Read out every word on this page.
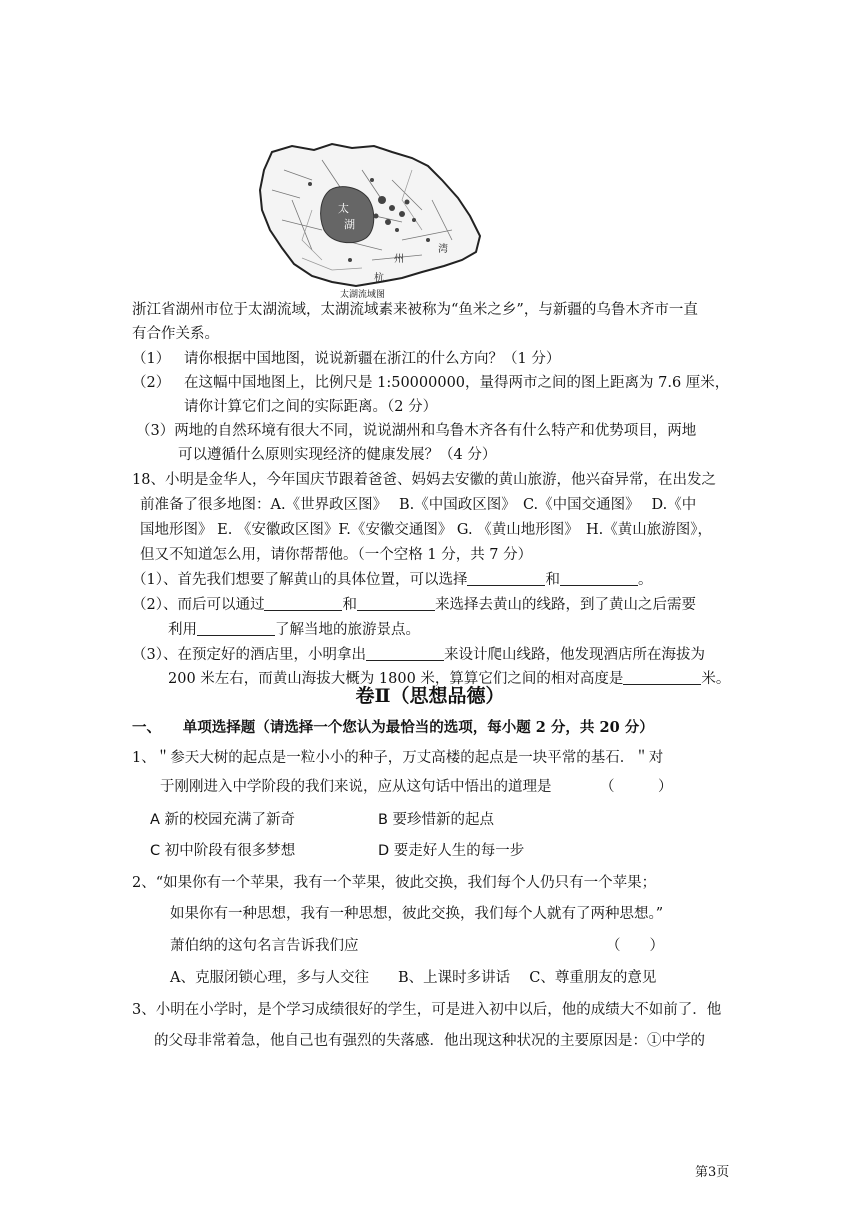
太
湖
杭
州
湾
太湖流域图
浙江省湖州市位于太湖流域，太湖流域素来被称为“鱼米之乡”，与新疆的乌鲁木齐市一直
有合作关系。
（1） 请你根据中国地图，说说新疆在浙江的什么方向？（1 分）
（2） 在这幅中国地图上，比例尺是 1:50000000，量得两市之间的图上距离为 7.6 厘米，
请你计算它们之间的实际距离。（2 分）
（3）两地的自然环境有很大不同，说说湖州和乌鲁木齐各有什么特产和优势项目，两地
可以遵循什么原则实现经济的健康发展？（4 分）
18、小明是金华人，今年国庆节跟着爸爸、妈妈去安徽的黄山旅游，他兴奋异常，在出发之
前准备了很多地图：A.《世界政区图》　 B.《中国政区图》　C.《中国交通图》　 D.《中
国地形图》 E. 《安徽政区图》F.《安徽交通图》 G. 《黄山地形图》　H.《黄山旅游图》，
但又不知道怎么用，请你帮帮他。（一个空格 1 分，共 7 分）
（1）、首先我们想要了解黄山的具体位置，可以选择	和	。
（2）、而后可以通过	和	来选择去黄山的线路，到了黄山之后需要
利用	了解当地的旅游景点。
（3）、在预定好的酒店里，小明拿出	来设计爬山线路，他发现酒店所在海拔为
200 米左右，而黄山海拔大概为 1800 米，算算它们之间的相对高度是	米。
卷Ⅱ（思想品德）
一、　　单项选择题（请选择一个您认为最恰当的选项，每小题 2 分，共 20 分）
1、＂参天大树的起点是一粒小小的种子，万丈高楼的起点是一块平常的基石．＂对
于刚刚进入中学阶段的我们来说，应从这句话中悟出的道理是	（　　　）
A 新的校园充满了新奇	B 要珍惜新的起点
C 初中阶段有很多梦想	D 要走好人生的每一步
2、“如果你有一个苹果，我有一个苹果，彼此交换，我们每个人仍只有一个苹果；
如果你有一种思想，我有一种思想，彼此交换，我们每个人就有了两种思想。”
萧伯纳的这句名言告诉我们应	（　　）
A、克服闭锁心理，多与人交往　　B、上课时多讲话　 C、尊重朋友的意见
3、小明在小学时，是个学习成绩很好的学生，可是进入初中以后，他的成绩大不如前了．他
的父母非常着急，他自己也有强烈的失落感．他出现这种状况的主要原因是：①中学的
第3页
